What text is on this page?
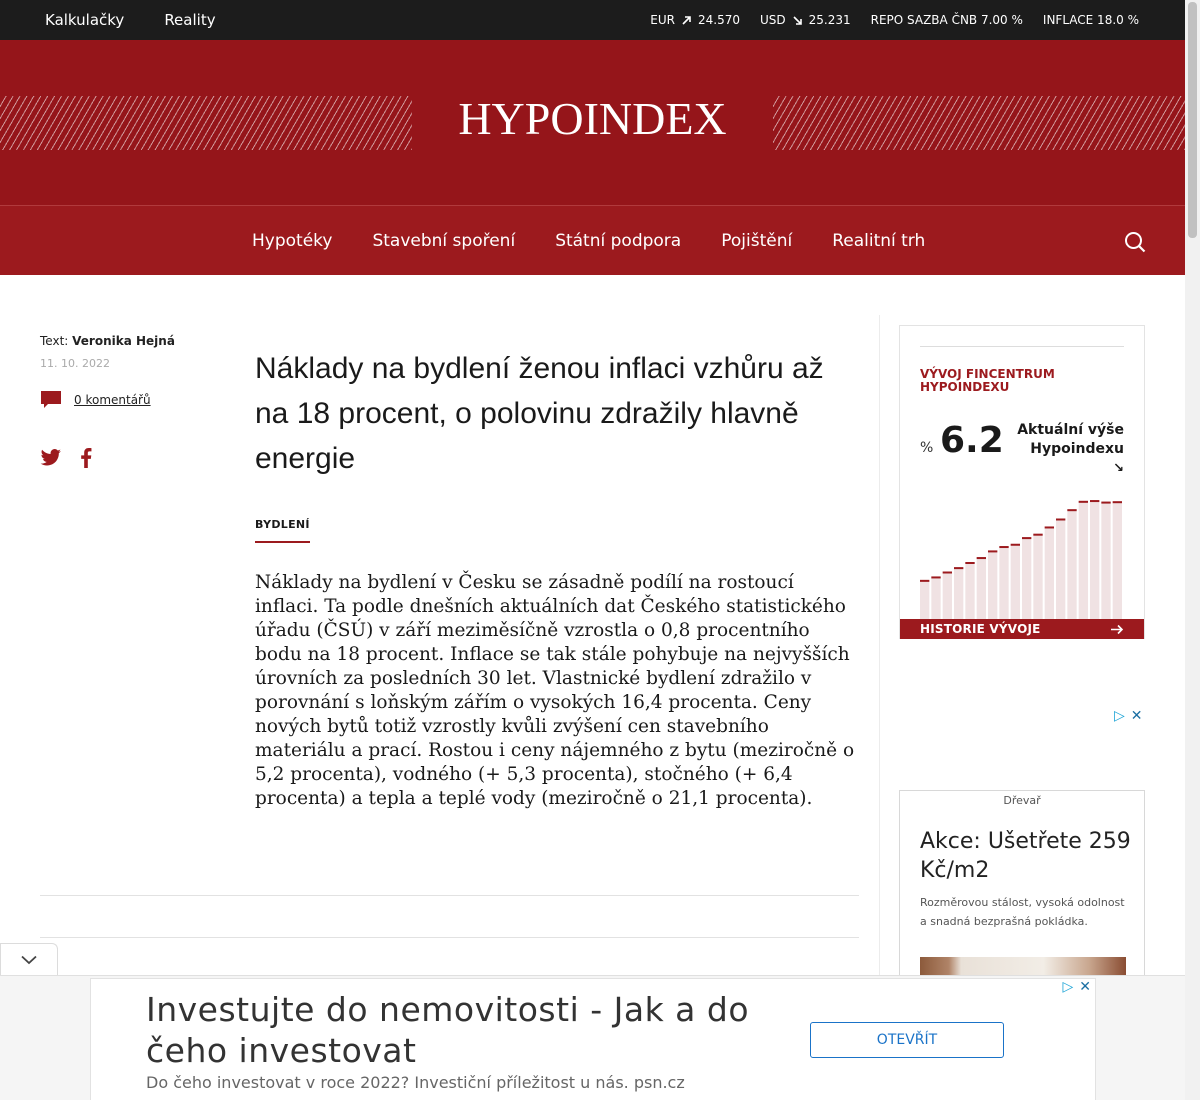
Kalkulačky	Reality	EUR 24.570 USD 25.231 REPO SAZBA ČNB 7.00 % INFLACE 18.0 %
HYPOINDEX
Hypotéky Stavební spoření Státní podpora Pojištění Realitní trh
Text: Veronika Hejná
11. 10. 2022
0 komentářů
Náklady na bydlení ženou inflaci vzhůru až na 18 procent, o polovinu zdražily hlavně energie
BYDLENÍ

Náklady na bydlení v Česku se zásadně podílí na rostoucí inflaci. Ta podle dnešních aktuálních dat Českého statistického úřadu (ČSÚ) v září meziměsíčně vzrostla o 0,8 procentního bodu na 18 procent. Inflace se tak stále pohybuje na nejvyšších úrovních za posledních 30 let. Vlastnické bydlení zdražilo v porovnání s loňským zářím o vysokých 16,4 procenta. Ceny nových bytů totiž vzrostly kvůli zvýšení cen stavebního materiálu a prací. Rostou i ceny nájemného z bytu (meziročně o 5,2 procenta), vodného (+ 5,3 procenta), stočného (+ 6,4 procenta) a tepla a teplé vody (meziročně o 21,1 procenta).

VÝVOJ FINCENTRUM HYPOINDEXU
% 6.2 Aktuální výše
Hypoindexu
↘
HISTORIE VÝVOJE
▷ ✕
Dřevař
Akce: Ušetřete 259 Kč/m2
Rozměrovou stálost, vysoká odolnost a snadná bezprašná pokládka.
Investujte do nemovitosti - Jak a do čeho investovat
Do čeho investovat v roce 2022? Investiční příležitost u nás. psn.cz
OTEVŘÍT
▷ ✕
